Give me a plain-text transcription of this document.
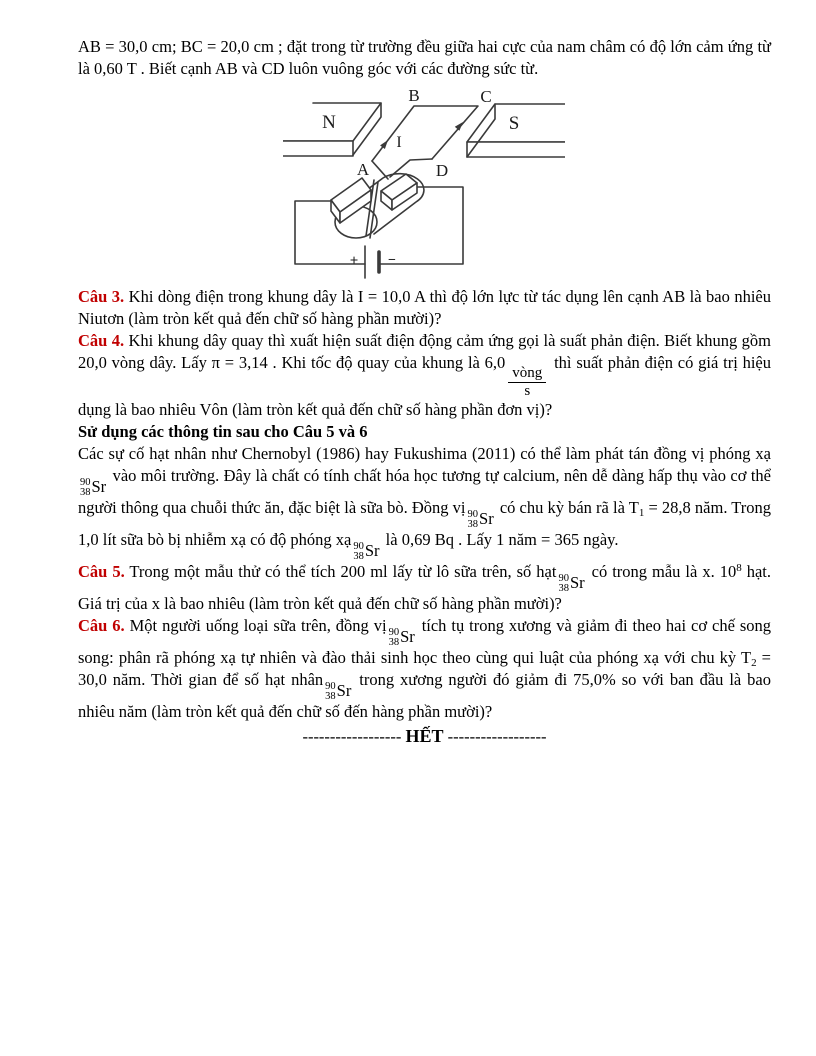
AB = 30,0 cm; BC = 20,0 cm ; đặt trong từ trường đều giữa hai cực của nam châm có độ lớn cảm ứng từ là 0,60 T . Biết cạnh AB và CD luôn vuông góc với các đường sức từ.

N	S
B	C
A	D
I
+ −

Câu 3. Khi dòng điện trong khung dây là I = 10,0 A thì độ lớn lực từ tác dụng lên cạnh AB là bao nhiêu Niutơn (làm tròn kết quả đến chữ số hàng phần mười)?

Câu 4. Khi khung dây quay thì xuất hiện suất điện động cảm ứng gọi là suất phản điện. Biết khung gồm 20,0 vòng dây. Lấy π = 3,14 . Khi tốc độ quay của khung là 6,0
$\frac{\text{vòng}}{s}$
thì suất phản điện có giá trị hiệu dụng là bao nhiêu Vôn (làm tròn kết quả đến chữ số hàng phần đơn vị)?

Sử dụng các thông tin sau cho Câu 5 và 6

Các sự cố hạt nhân như Chernobyl (1986) hay Fukushima (2011) có thể làm phát tán đồng vị phóng xạ
90
38 Sr
vào môi trường. Đây là chất có tính chất hóa học tương tự calcium, nên dễ dàng hấp thụ vào cơ thể người thông qua chuỗi thức ăn, đặc biệt là sữa bò. Đồng vị 90
38 Sr
có chu kỳ bán rã là $T_1 = 28,8$ năm. Trong 1,0 lít sữa bò bị nhiễm xạ có độ phóng xạ 90
38 Sr
là 0,69 Bq . Lấy 1 năm = 365 ngày.

Câu 5. Trong một mẫu thử có thể tích 200 ml lấy từ lô sữa trên, số hạt 90
38 Sr
có trong mẫu là x. $10^8$ hạt. Giá trị của x là bao nhiêu (làm tròn kết quả đến chữ số hàng phần mười)?

Câu 6. Một người uống loại sữa trên, đồng vị 90
38 Sr
tích tụ trong xương và giảm đi theo hai cơ chế song song: phân rã phóng xạ tự nhiên và đào thải sinh học theo cùng qui luật của phóng xạ với chu kỳ $T_2 = 30,0$ năm. Thời gian để số hạt nhân 90
38 Sr
trong xương người đó giảm đi 75,0% so với ban đầu là bao nhiêu năm (làm tròn kết quả đến chữ số đến hàng phần mười)?

------------------ HẾT ------------------
